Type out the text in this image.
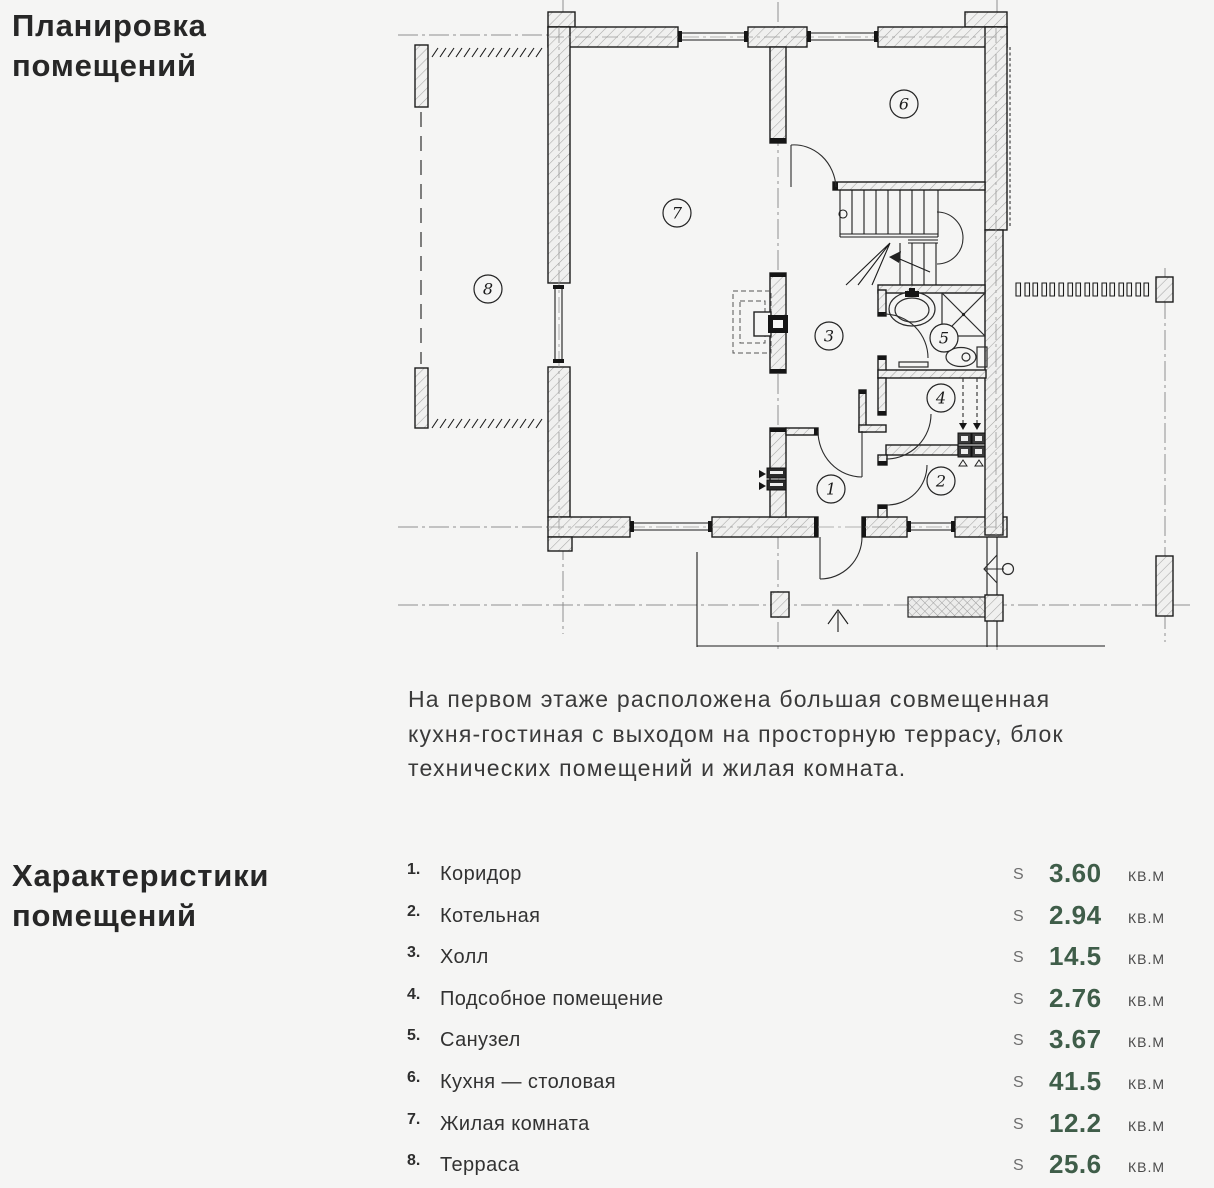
Планировка
помещений
1	2
3
4
5
6
7
8
На первом этаже расположена большая совмещенная
кухня-гостиная с выходом на просторную террасу, блок
технических помещений и жилая комната.
Характеристики
помещений
1. Коридор	S 3.60 КВ.М
2. Котельная	S 2.94 КВ.М
3. Холл	S 14.5 КВ.М
4. Подсобное помещение	S 2.76 КВ.М
5. Санузел	S 3.67 КВ.М
6. Кухня — столовая	S 41.5 КВ.М
7. Жилая комната	S 12.2 КВ.М
8. Терраса	S 25.6 КВ.М
